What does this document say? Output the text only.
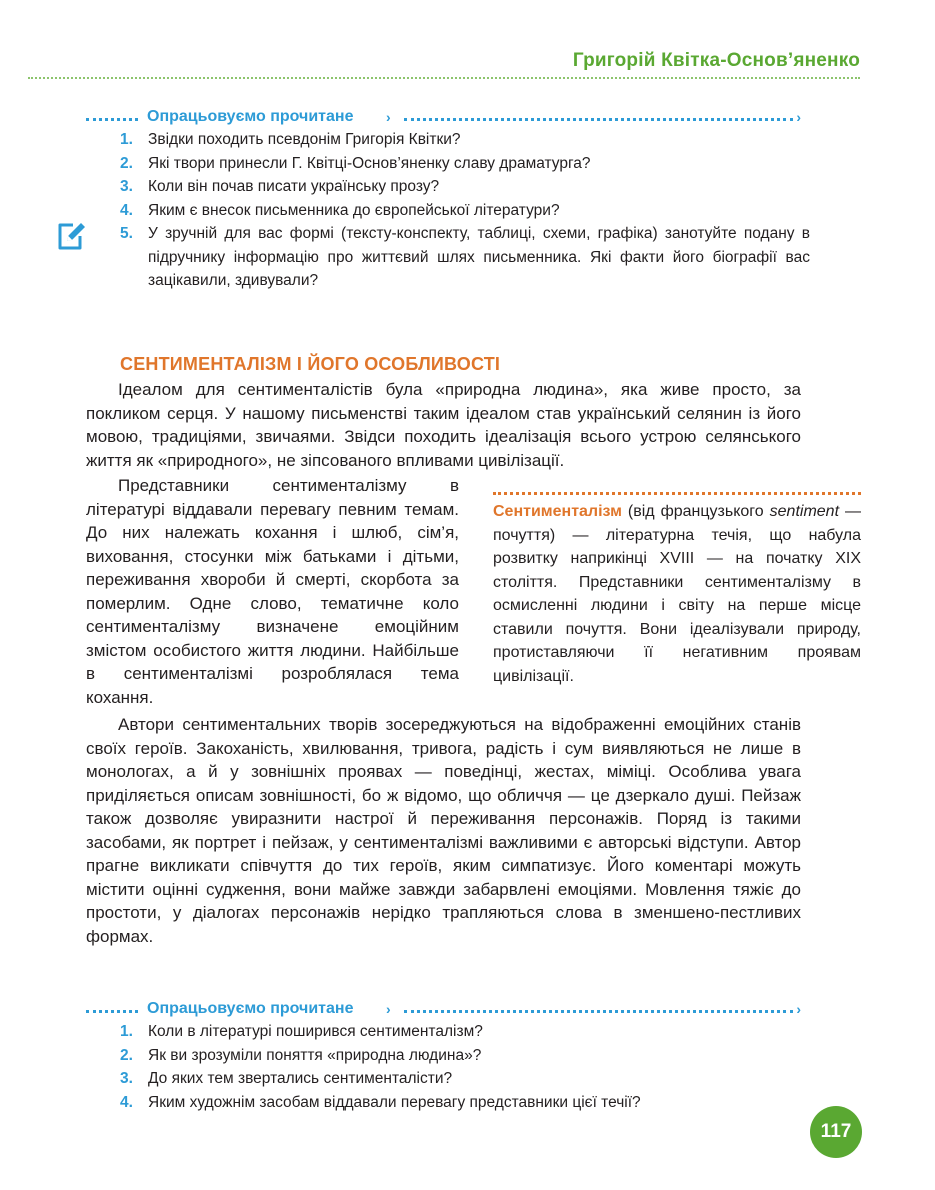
Григорій Квітка-Основ’яненко
Опрацьовуємо прочитане ›	›
1. Звідки походить псевдонім Григорія Квітки?
2. Які твори принесли Г. Квітці-Основ’яненку славу драматурга?
3. Коли він почав писати українську прозу?
4. Яким є внесок письменника до європейської літератури?
5. У зручній для вас формі (тексту-конспекту, таблиці, схеми, графіка) занотуйте подану в підручнику інформацію про життєвий шлях письменника. Які факти його біографії вас зацікавили, здивували?
СЕНТИМЕНТАЛІЗМ І ЙОГО ОСОБЛИВОСТІ
Ідеалом для сентименталістів була «природна людина», яка живе просто, за покликом серця. У нашому письменстві таким ідеалом став український селянин із його мовою, традиціями, звичаями. Звідси походить ідеалізація всього устрою селянського життя як «природного», не зіпсованого впливами цивілізації.
Представники сентименталізму в літературі віддавали перевагу певним темам. До них належать кохання і шлюб, сім’я, виховання, стосунки між батьками і дітьми, переживання хвороби й смерті, скорбота за померлим. Одне слово, тематичне коло сентименталізму визначене емоційним змістом особистого життя людини. Найбільше в сентименталізмі розроблялася тема кохання.
Сентименталізм (від французького sentiment — почуття) — літературна течія, що набула розвитку наприкінці XVIII — на початку XIX століття. Представники сентименталізму в осмисленні людини і світу на перше місце ставили почуття. Вони ідеалізували природу, протиставляючи її негативним проявам цивілізації.
Автори сентиментальних творів зосереджуються на відображенні емоційних станів своїх героїв. Закоханість, хвилювання, тривога, радість і сум виявляються не лише в монологах, а й у зовнішніх проявах — поведінці, жестах, міміці. Особлива увага приділяється описам зовнішності, бо ж відомо, що обличчя — це дзеркало душі. Пейзаж також дозволяє увиразнити настрої й переживання персонажів. Поряд із такими засобами, як портрет і пейзаж, у сентименталізмі важливими є авторські відступи. Автор прагне викликати співчуття до тих героїв, яким симпатизує. Його коментарі можуть містити оцінні судження, вони майже завжди забарвлені емоціями. Мовлення тяжіє до простоти, у діалогах персонажів нерідко трапляються слова в зменшено-пестливих формах.
Опрацьовуємо прочитане ›	›
1. Коли в літературі поширився сентименталізм?
2. Як ви зрозуміли поняття «природна людина»?
3. До яких тем звертались сентименталісти?
4. Яким художнім засобам віддавали перевагу представники цієї течії?
117
